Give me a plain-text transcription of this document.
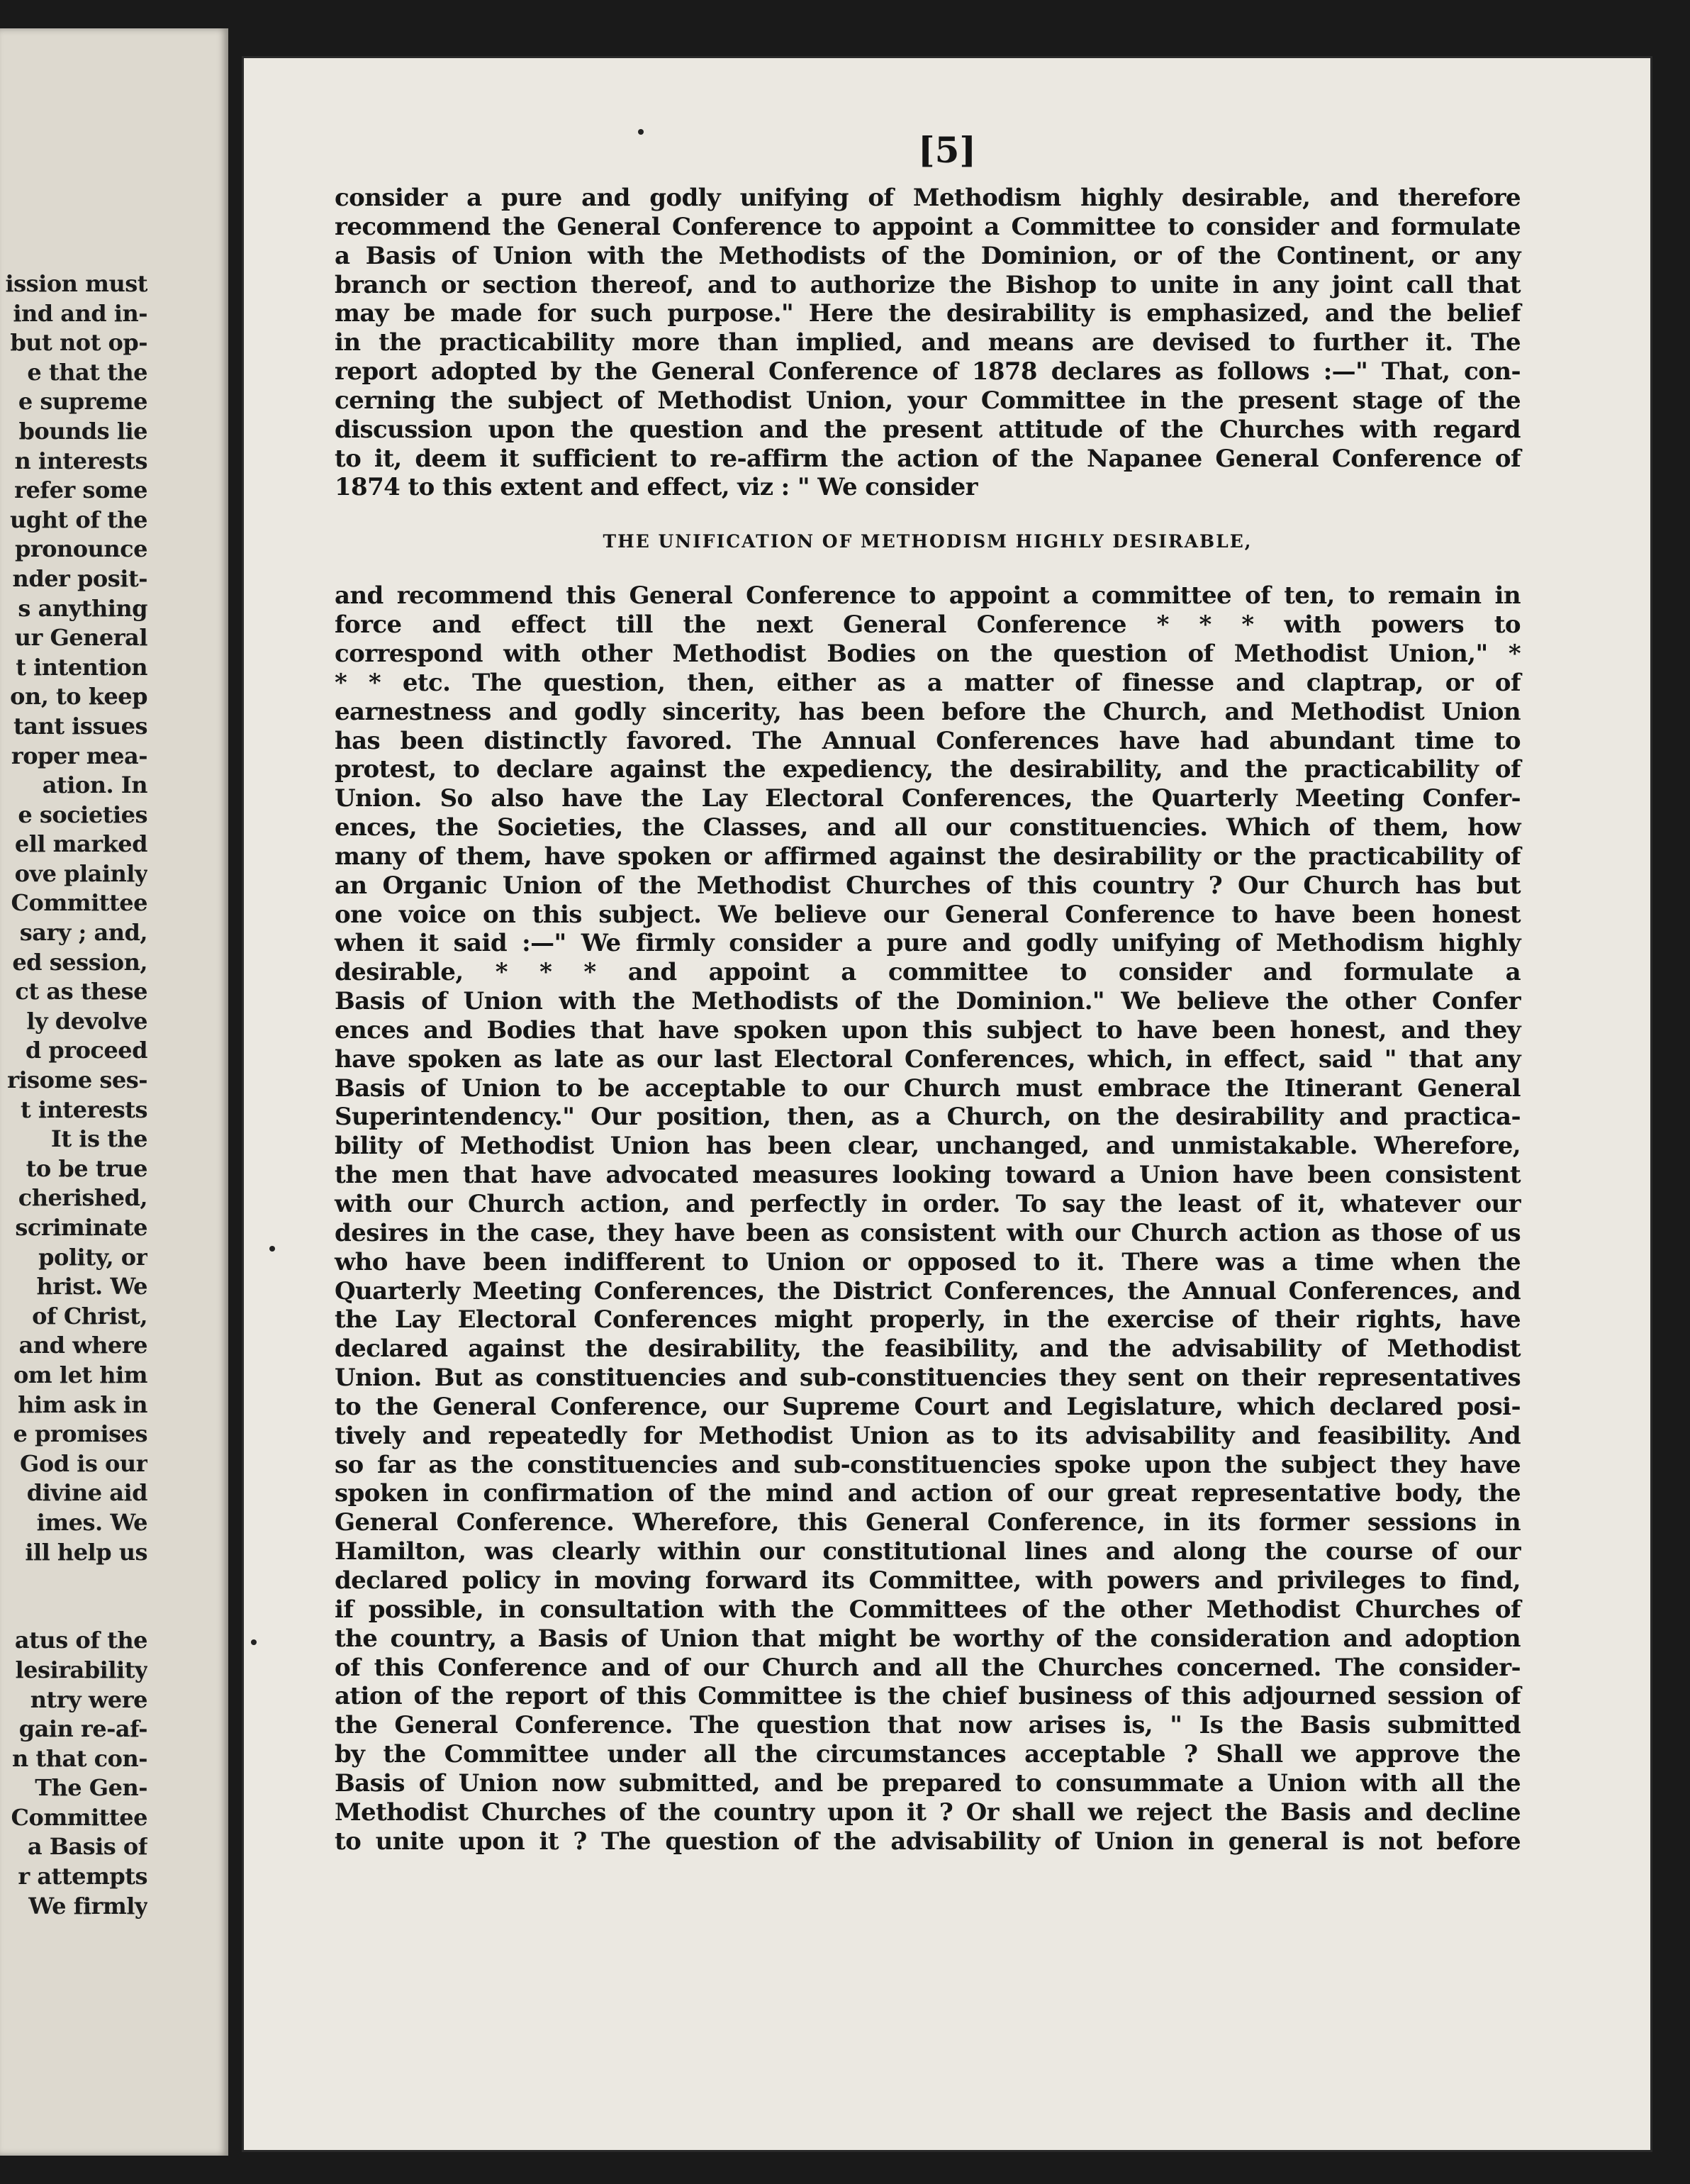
ission must
ind and in-
but not op-
e that the
e supreme
bounds lie
n interests
refer some
ught of the
pronounce
nder posit-
s anything
ur General
t intention
on, to keep
tant issues
roper mea-
ation. In
e societies
ell marked
ove plainly
Committee
sary ; and,
ed session,
ct as these
ly devolve
d proceed
risome ses-
t interests
It is the
to be true
cherished,
scriminate
polity, or
hrist. We
of Christ,
and where
om let him
him ask in
e promises
God is our
divine aid
imes. We
ill help us
atus of the
lesirability
ntry were
gain re-af-
n that con-
The Gen-
Committee
a Basis of
r attempts
We firmly
[5]
consider a pure and godly unifying of Methodism highly desirable, and therefore
recommend the General Conference to appoint a Committee to consider and formulate
a Basis of Union with the Methodists of the Dominion, or of the Continent, or any
branch or section thereof, and to authorize the Bishop to unite in any joint call that
may be made for such purpose." Here the desirability is emphasized, and the belief
in the practicability more than implied, and means are devised to further it. The
report adopted by the General Conference of 1878 declares as follows :—" That, con-
cerning the subject of Methodist Union, your Committee in the present stage of the
discussion upon the question and the present attitude of the Churches with regard
to it, deem it sufficient to re-affirm the action of the Napanee General Conference of
1874 to this extent and effect, viz : " We consider
THE UNIFICATION OF METHODISM HIGHLY DESIRABLE,
and recommend this General Conference to appoint a committee of ten, to remain in
force and effect till the next General Conference * * * with powers to
correspond with other Methodist Bodies on the question of Methodist Union," *
* * etc. The question, then, either as a matter of finesse and claptrap, or of
earnestness and godly sincerity, has been before the Church, and Methodist Union
has been distinctly favored. The Annual Conferences have had abundant time to
protest, to declare against the expediency, the desirability, and the practicability of
Union. So also have the Lay Electoral Conferences, the Quarterly Meeting Confer-
ences, the Societies, the Classes, and all our constituencies. Which of them, how
many of them, have spoken or affirmed against the desirability or the practicability of
an Organic Union of the Methodist Churches of this country ? Our Church has but
one voice on this subject. We believe our General Conference to have been honest
when it said :—" We firmly consider a pure and godly unifying of Methodism highly
desirable, * * * and appoint a committee to consider and formulate a
Basis of Union with the Methodists of the Dominion." We believe the other Confer
ences and Bodies that have spoken upon this subject to have been honest, and they
have spoken as late as our last Electoral Conferences, which, in effect, said " that any
Basis of Union to be acceptable to our Church must embrace the Itinerant General
Superintendency." Our position, then, as a Church, on the desirability and practica-
bility of Methodist Union has been clear, unchanged, and unmistakable. Wherefore,
the men that have advocated measures looking toward a Union have been consistent
with our Church action, and perfectly in order. To say the least of it, whatever our
desires in the case, they have been as consistent with our Church action as those of us
who have been indifferent to Union or opposed to it. There was a time when the
Quarterly Meeting Conferences, the District Conferences, the Annual Conferences, and
the Lay Electoral Conferences might properly, in the exercise of their rights, have
declared against the desirability, the feasibility, and the advisability of Methodist
Union. But as constituencies and sub-constituencies they sent on their representatives
to the General Conference, our Supreme Court and Legislature, which declared posi-
tively and repeatedly for Methodist Union as to its advisability and feasibility. And
so far as the constituencies and sub-constituencies spoke upon the subject they have
spoken in confirmation of the mind and action of our great representative body, the
General Conference. Wherefore, this General Conference, in its former sessions in
Hamilton, was clearly within our constitutional lines and along the course of our
declared policy in moving forward its Committee, with powers and privileges to find,
if possible, in consultation with the Committees of the other Methodist Churches of
the country, a Basis of Union that might be worthy of the consideration and adoption
of this Conference and of our Church and all the Churches concerned. The consider-
ation of the report of this Committee is the chief business of this adjourned session of
the General Conference. The question that now arises is, " Is the Basis submitted
by the Committee under all the circumstances acceptable ? Shall we approve the
Basis of Union now submitted, and be prepared to consummate a Union with all the
Methodist Churches of the country upon it ? Or shall we reject the Basis and decline
to unite upon it ? The question of the advisability of Union in general is not before
